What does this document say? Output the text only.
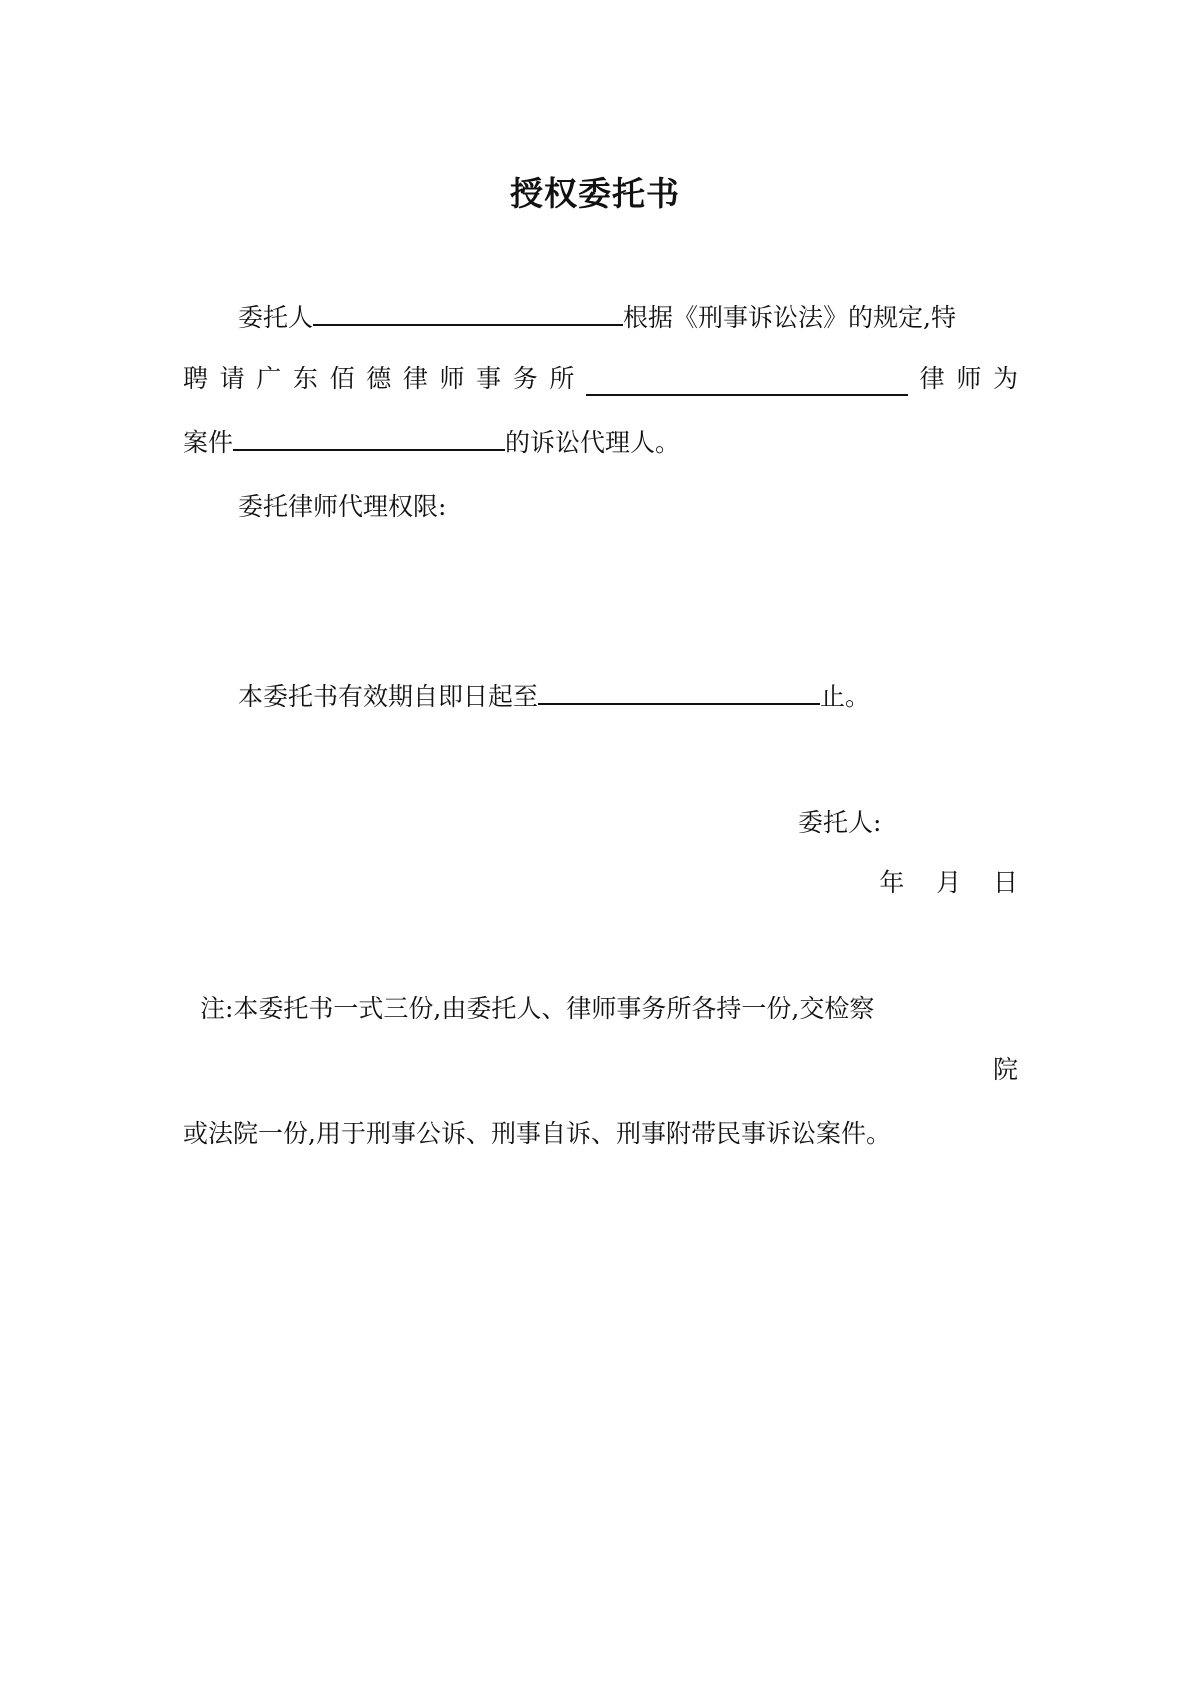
授权委托书
委托人	根据《刑事诉讼法》的规定,特
聘 请 广 东 佰 德 律 师 事 务 所	律 师 为
案件	的诉讼代理人。
委托律师代理权限:
本委托书有效期自即日起至	止。
委托人:
年    月    日
注:本委托书一式三份,由委托人、律师事务所各持一份,交检察
院
或法院一份,用于刑事公诉、刑事自诉、刑事附带民事诉讼案件。
